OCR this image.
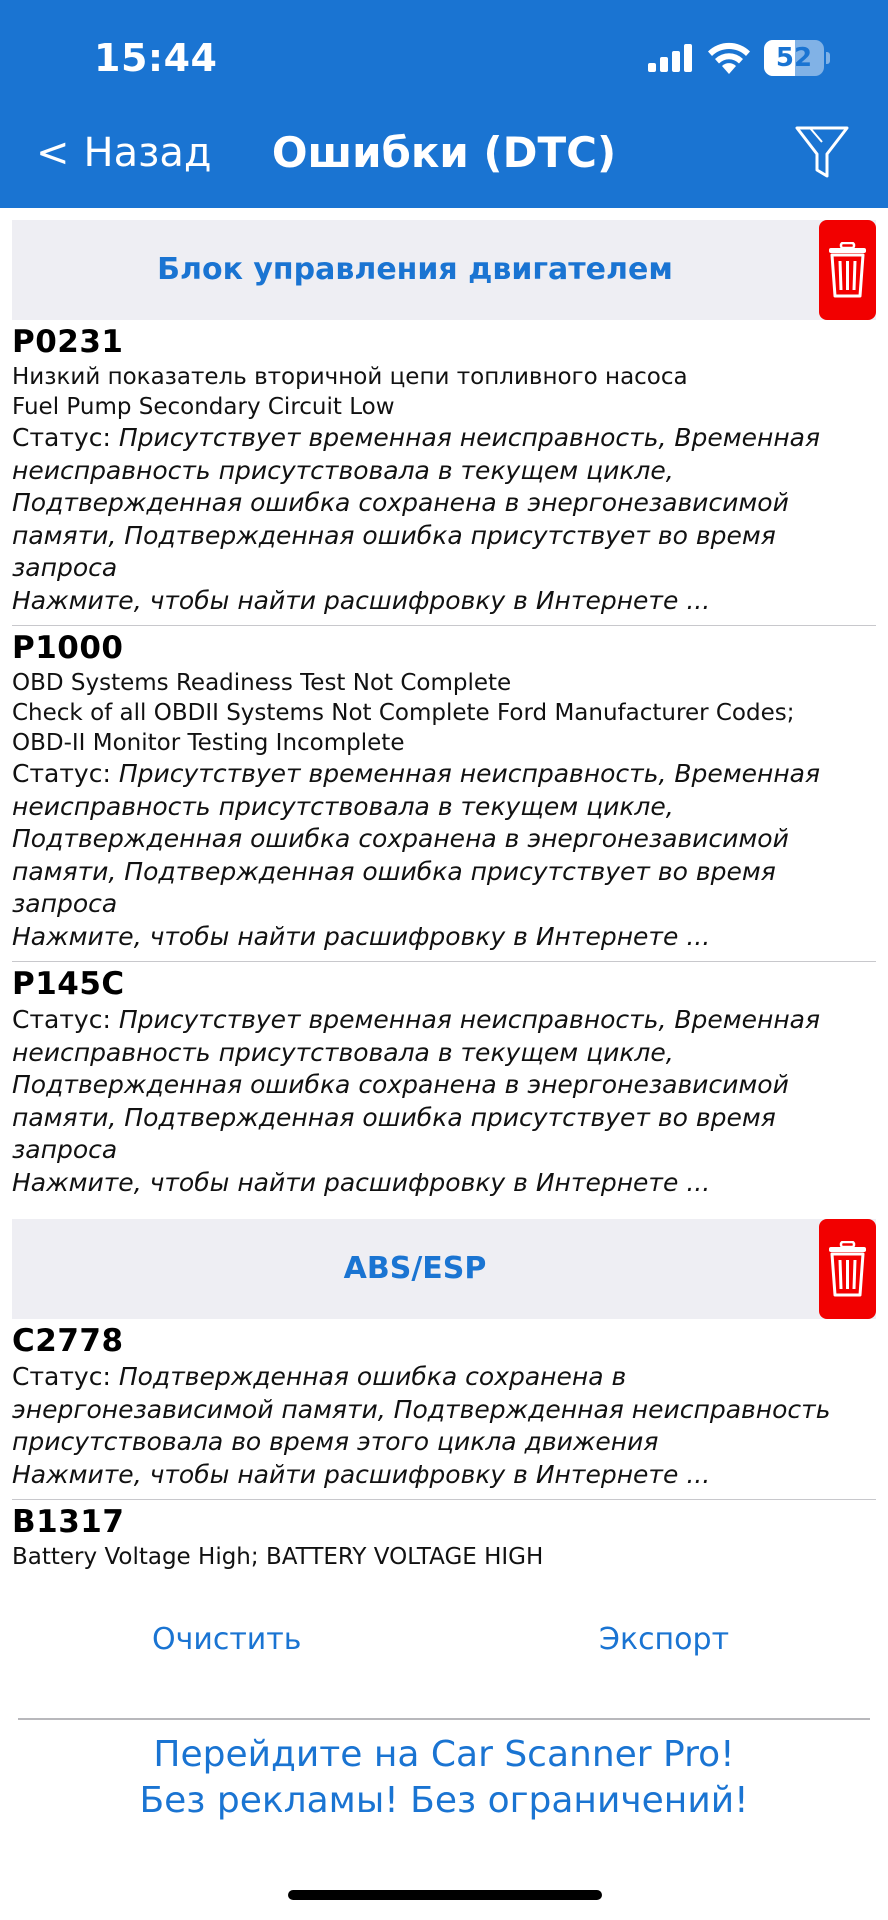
15:44	52
< Назад	Ошибки (DTC)
Блок управления двигателем
P0231
Низкий показатель вторичной цепи топливного насоса
Fuel Pump Secondary Circuit Low
Статус: Присутствует временная неисправность, Временная неисправность присутствовала в текущем цикле, Подтвержденная ошибка сохранена в энергонезависимой памяти, Подтвержденная ошибка присутствует во время запроса
Нажмите, чтобы найти расшифровку в Интернете ...
P1000
OBD Systems Readiness Test Not Complete
Check of all OBDII Systems Not Complete Ford Manufacturer Codes;
OBD-II Monitor Testing Incomplete
Статус: Присутствует временная неисправность, Временная неисправность присутствовала в текущем цикле, Подтвержденная ошибка сохранена в энергонезависимой памяти, Подтвержденная ошибка присутствует во время запроса
Нажмите, чтобы найти расшифровку в Интернете ...
P145C
Статус: Присутствует временная неисправность, Временная неисправность присутствовала в текущем цикле, Подтвержденная ошибка сохранена в энергонезависимой памяти, Подтвержденная ошибка присутствует во время запроса
Нажмите, чтобы найти расшифровку в Интернете ...
ABS/ESP
C2778
Статус: Подтвержденная ошибка сохранена в энергонезависимой памяти, Подтвержденная неисправность присутствовала во время этого цикла движения
Нажмите, чтобы найти расшифровку в Интернете ...
B1317
Battery Voltage High; BATTERY VOLTAGE HIGH
Очистить	Экспорт
Перейдите на Car Scanner Pro!
Без рекламы! Без ограничений!
